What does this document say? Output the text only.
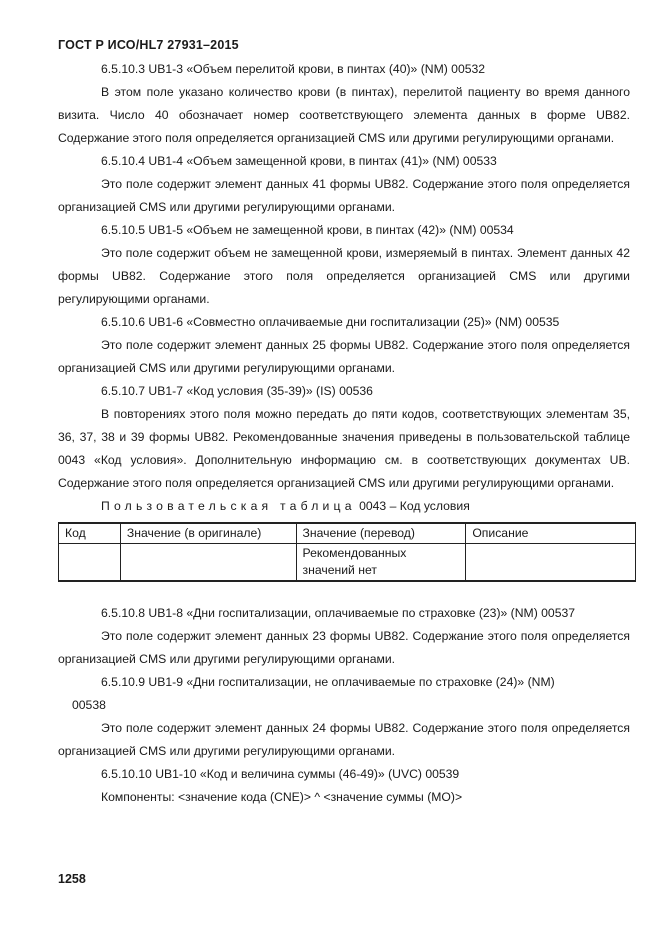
ГОСТ Р ИСО/HL7 27931–2015

6.5.10.3 UB1-3 «Объем перелитой крови, в пинтах (40)» (NM) 00532

В этом поле указано количество крови (в пинтах), перелитой пациенту во время данного визита. Число 40 обозначает номер соответствующего элемента данных в форме UB82. Содержание этого поля определяется организацией CMS или другими регулирующими органами.

6.5.10.4 UB1-4 «Объем замещенной крови, в пинтах (41)» (NM) 00533

Это поле содержит элемент данных 41 формы UB82. Содержание этого поля определяется организацией CMS или другими регулирующими органами.

6.5.10.5 UB1-5 «Объем не замещенной крови, в пинтах (42)» (NM) 00534

Это поле содержит объем не замещенной крови, измеряемый в пинтах. Элемент данных 42 формы UB82. Содержание этого поля определяется организацией CMS или другими регулирующими органами.

6.5.10.6 UB1-6 «Совместно оплачиваемые дни госпитализации (25)» (NM) 00535

Это поле содержит элемент данных 25 формы UB82. Содержание этого поля определяется организацией CMS или другими регулирующими органами.

6.5.10.7 UB1-7 «Код условия (35-39)» (IS) 00536

В повторениях этого поля можно передать до пяти кодов, соответствующих элементам 35, 36, 37, 38 и 39 формы UB82. Рекомендованные значения приведены в пользовательской таблице 0043 «Код условия». Дополнительную информацию см. в соответствующих документах UB. Содержание этого поля определяется организацией CMS или другими регулирующими органами.

Пользовательская таблица 0043 – Код условия

Код	Значение (в оригинале)	Значение (перевод)	Описание
		Рекомендованных значений нет	

6.5.10.8 UB1-8 «Дни госпитализации, оплачиваемые по страховке (23)» (NM) 00537

Это поле содержит элемент данных 23 формы UB82. Содержание этого поля определяется организацией CMS или другими регулирующими органами.

6.5.10.9 UB1-9 «Дни госпитализации, не оплачиваемые по страховке (24)» (NM)

00538

Это поле содержит элемент данных 24 формы UB82. Содержание этого поля определяется организацией CMS или другими регулирующими органами.

6.5.10.10 UB1-10 «Код и величина суммы (46-49)» (UVC) 00539

Компоненты: <значение кода (CNE)> ^ <значение суммы (MO)>

1258
